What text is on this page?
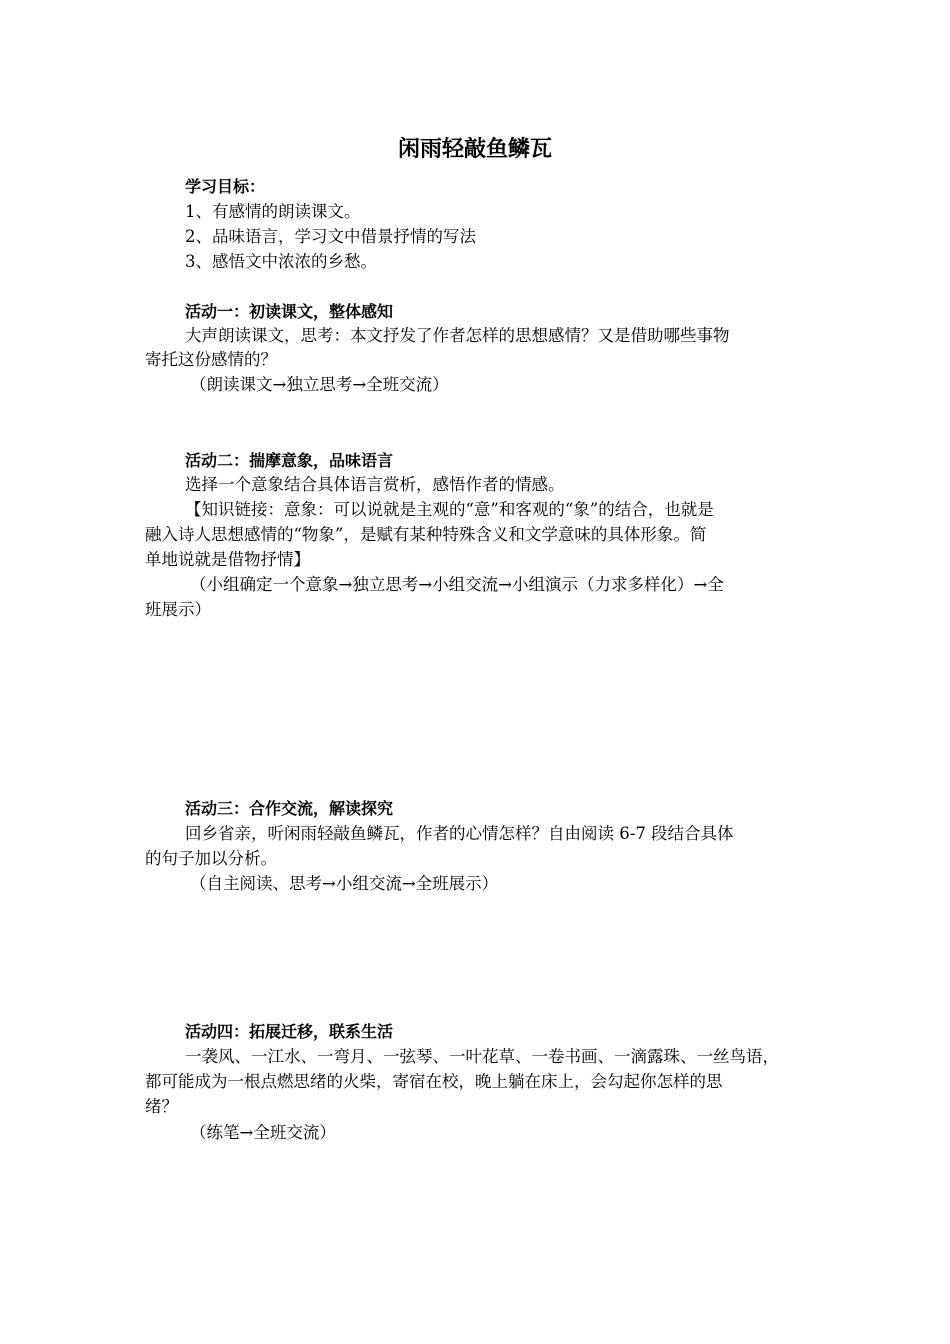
闲雨轻敲鱼鳞瓦
学习目标：
1、有感情的朗读课文。
2、品味语言，学习文中借景抒情的写法
3、感悟文中浓浓的乡愁。
活动一：初读课文，整体感知
大声朗读课文，思考：本文抒发了作者怎样的思想感情？又是借助哪些事物
寄托这份感情的？
（朗读课文→独立思考→全班交流）
活动二：揣摩意象，品味语言
选择一个意象结合具体语言赏析，感悟作者的情感。
【知识链接：意象：可以说就是主观的“意”和客观的“象”的结合，也就是
融入诗人思想感情的“物象”，是赋有某种特殊含义和文学意味的具体形象。简
单地说就是借物抒情】
（小组确定一个意象→独立思考→小组交流→小组演示（力求多样化）→全
班展示）
活动三：合作交流，解读探究
回乡省亲，听闲雨轻敲鱼鳞瓦，作者的心情怎样？自由阅读 6-7 段结合具体
的句子加以分析。
（自主阅读、思考→小组交流→全班展示）
活动四：拓展迁移，联系生活
一袭风、一江水、一弯月、一弦琴、一叶花草、一卷书画、一滴露珠、一丝鸟语，
都可能成为一根点燃思绪的火柴，寄宿在校，晚上躺在床上，会勾起你怎样的思
绪？
（练笔→全班交流）
